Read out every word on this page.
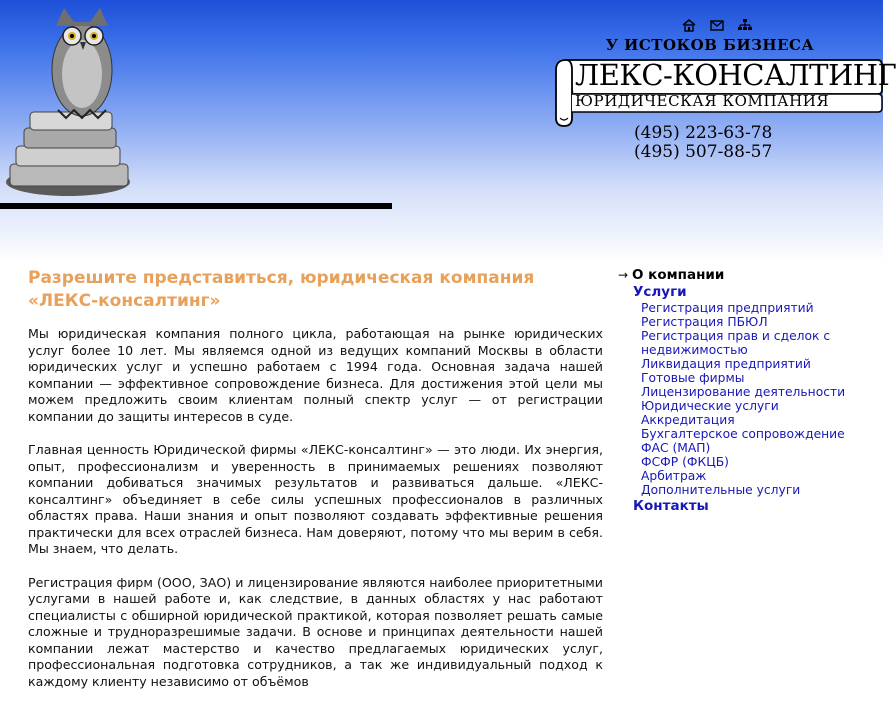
У ИСТОКОВ БИЗНЕСА
ЛЕКС-КОНСАЛТИНГ
ЮРИДИЧЕСКАЯ КОМПАНИЯ
(495) 223-63-78
(495) 507-88-57
Разрешите представиться, юридическая компания «ЛЕКС-консалтинг»

Мы юридическая компания полного цикла, работающая на рынке юридических услуг более 10 лет. Мы являемся одной из ведущих компаний Москвы в области юридических услуг и успешно работаем с 1994 года. Основная задача нашей компании — эффективное сопровождение бизнеса. Для достижения этой цели мы можем предложить своим клиентам полный спектр услуг — от регистрации компании до защиты интересов в суде.

Главная ценность Юридической фирмы «ЛЕКС-консалтинг» — это люди. Их энергия, опыт, профессионализм и уверенность в принимаемых решениях позволяют компании добиваться значимых результатов и развиваться дальше. «ЛЕКС-консалтинг» объединяет в себе силы успешных профессионалов в различных областях права. Наши знания и опыт позволяют создавать эффективные решения практически для всех отраслей бизнеса. Нам доверяют, потому что мы верим в себя. Мы знаем, что делать.

Регистрация фирм (ООО, ЗАО) и лицензирование являются наиболее приоритетными услугами в нашей работе и, как следствие, в данных областях у нас работают специалисты с обширной юридической практикой, которая позволяет решать самые сложные и трудноразрешимые задачи. В основе и принципах деятельности нашей компании лежат мастерство и качество предлагаемых юридических услуг, профессиональная подготовка сотрудников, а так же индивидуальный подход к каждому клиенту независимо от объёмов

→ О компании
Услуги
Регистрация предприятий
Регистрация ПБЮЛ
Регистрация прав и сделок с недвижимостью
Ликвидация предприятий
Готовые фирмы
Лицензирование деятельности
Юридические услуги
Аккредитация
Бухгалтерское сопровождение
ФАС (МАП)
ФСФР (ФКЦБ)
Арбитраж
Дополнительные услуги
Контакты
